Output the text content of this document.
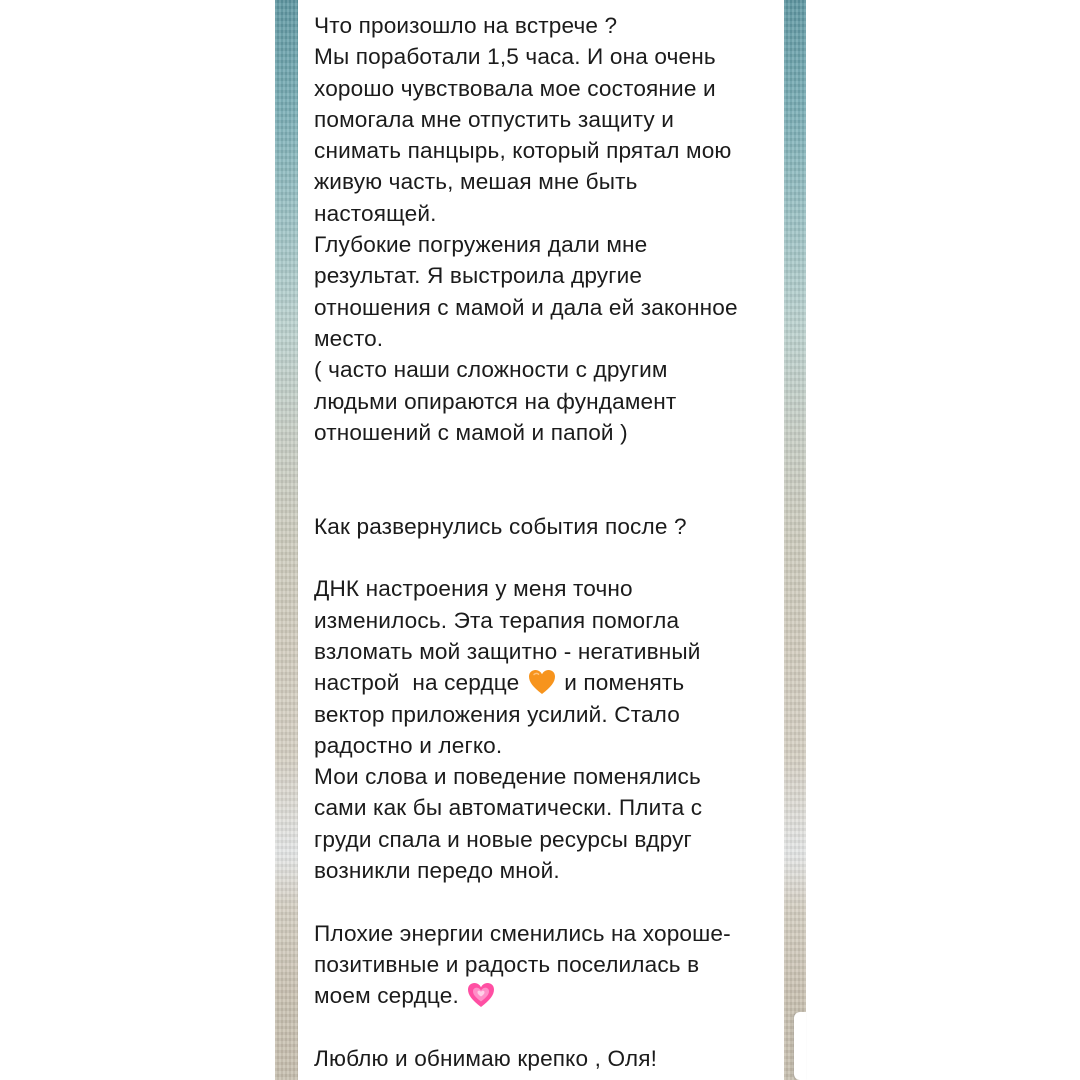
Что произошло на встрече ?
Мы поработали 1,5 часа. И она очень
хорошо чувствовала мое состояние и
помогала мне отпустить защиту и
снимать панцырь, который прятал мою
живую часть, мешая мне быть
настоящей.
Глубокие погружения дали мне
результат. Я выстроила другие
отношения с мамой и дала ей законное
место.
( часто наши сложности с другим
людьми опираются на фундамент
отношений с мамой и папой )
Как развернулись события после ?
ДНК настроения у меня точно
изменилось. Эта терапия помогла
взломать мой защитно - негативный
настрой  на сердце  и поменять
вектор приложения усилий. Стало
радостно и легко.
Мои слова и поведение поменялись
сами как бы автоматически. Плита с
груди спала и новые ресурсы вдруг
возникли передо мной.
Плохие энергии сменились на хороше-
позитивные и радость поселилась в
моем сердце.
Люблю и обнимаю крепко , Оля!
